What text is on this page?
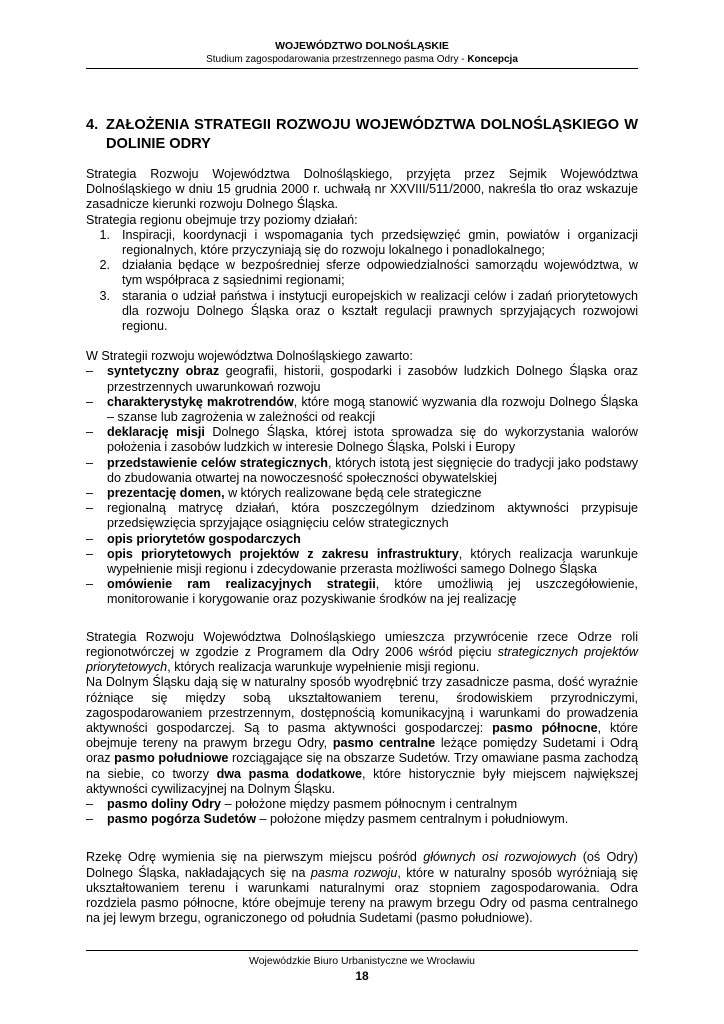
WOJEWÓDZTWO DOLNOŚLĄSKIE
Studium zagospodarowania przestrzennego pasma Odry - Koncepcja
4. ZAŁOŻENIA STRATEGII ROZWOJU WOJEWÓDZTWA DOLNOŚLĄSKIEGO W DOLINIE ODRY

Strategia Rozwoju Województwa Dolnośląskiego, przyjęta przez Sejmik Województwa Dolnośląskiego w dniu 15 grudnia 2000 r. uchwałą nr XXVIII/511/2000, nakreśla tło oraz wskazuje zasadnicze kierunki rozwoju Dolnego Śląska.

Strategia regionu obejmuje trzy poziomy działań:

1. Inspiracji, koordynacji i wspomagania tych przedsięwzięć gmin, powiatów i organizacji regionalnych, które przyczyniają się do rozwoju lokalnego i ponadlokalnego;
2. działania będące w bezpośredniej sferze odpowiedzialności samorządu województwa, w tym współpraca z sąsiednimi regionami;
3. starania o udział państwa i instytucji europejskich w realizacji celów i zadań priorytetowych dla rozwoju Dolnego Śląska oraz o kształt regulacji prawnych sprzyjających rozwojowi regionu.

W Strategii rozwoju województwa Dolnośląskiego zawarto:

–	syntetyczny obraz geografii, historii, gospodarki i zasobów ludzkich Dolnego Śląska oraz przestrzennych uwarunkowań rozwoju
–	charakterystykę makrotrendów, które mogą stanowić wyzwania dla rozwoju Dolnego Śląska – szanse lub zagrożenia w zależności od reakcji
–	deklarację misji Dolnego Śląska, której istota sprowadza się do wykorzystania walorów położenia i zasobów ludzkich w interesie Dolnego Śląska, Polski i Europy
–	przedstawienie celów strategicznych, których istotą jest sięgnięcie do tradycji jako podstawy do zbudowania otwartej na nowoczesność społeczności obywatelskiej
–	prezentację domen, w których realizowane będą cele strategiczne
–	regionalną matrycę działań, która poszczególnym dziedzinom aktywności przypisuje przedsięwzięcia sprzyjające osiągnięciu celów strategicznych
–	opis priorytetów gospodarczych
–	opis priorytetowych projektów z zakresu infrastruktury, których realizacja warunkuje wypełnienie misji regionu i zdecydowanie przerasta możliwości samego Dolnego Śląska
–	omówienie ram realizacyjnych strategii, które umożliwią jej uszczegółowienie, monitorowanie i korygowanie oraz pozyskiwanie środków na jej realizację

Strategia Rozwoju Województwa Dolnośląskiego umieszcza przywrócenie rzece Odrze roli regionotwórczej w zgodzie z Programem dla Odry 2006 wśród pięciu strategicznych projektów priorytetowych, których realizacja warunkuje wypełnienie misji regionu.

Na Dolnym Śląsku dają się w naturalny sposób wyodrębnić trzy zasadnicze pasma, dość wyraźnie różniące się między sobą ukształtowaniem terenu, środowiskiem przyrodniczymi, zagospodarowaniem przestrzennym, dostępnością komunikacyjną i warunkami do prowadzenia aktywności gospodarczej. Są to pasma aktywności gospodarczej: pasmo północne, które obejmuje tereny na prawym brzegu Odry, pasmo centralne leżące pomiędzy Sudetami i Odrą oraz pasmo południowe rozciągające się na obszarze Sudetów. Trzy omawiane pasma zachodzą na siebie, co tworzy dwa pasma dodatkowe, które historycznie były miejscem największej aktywności cywilizacyjnej na Dolnym Śląsku.

–	pasmo doliny Odry – położone między pasmem północnym i centralnym
–	pasmo pogórza Sudetów – położone między pasmem centralnym i południowym.

Rzekę Odrę wymienia się na pierwszym miejscu pośród głównych osi rozwojowych (oś Odry) Dolnego Śląska, nakładających się na pasma rozwoju, które w naturalny sposób wyróżniają się ukształtowaniem terenu i warunkami naturalnymi oraz stopniem zagospodarowania. Odra rozdziela pasmo północne, które obejmuje tereny na prawym brzegu Odry od pasma centralnego na jej lewym brzegu, ograniczonego od południa Sudetami (pasmo południowe).

Wojewódzkie Biuro Urbanistyczne we Wrocławiu
18
